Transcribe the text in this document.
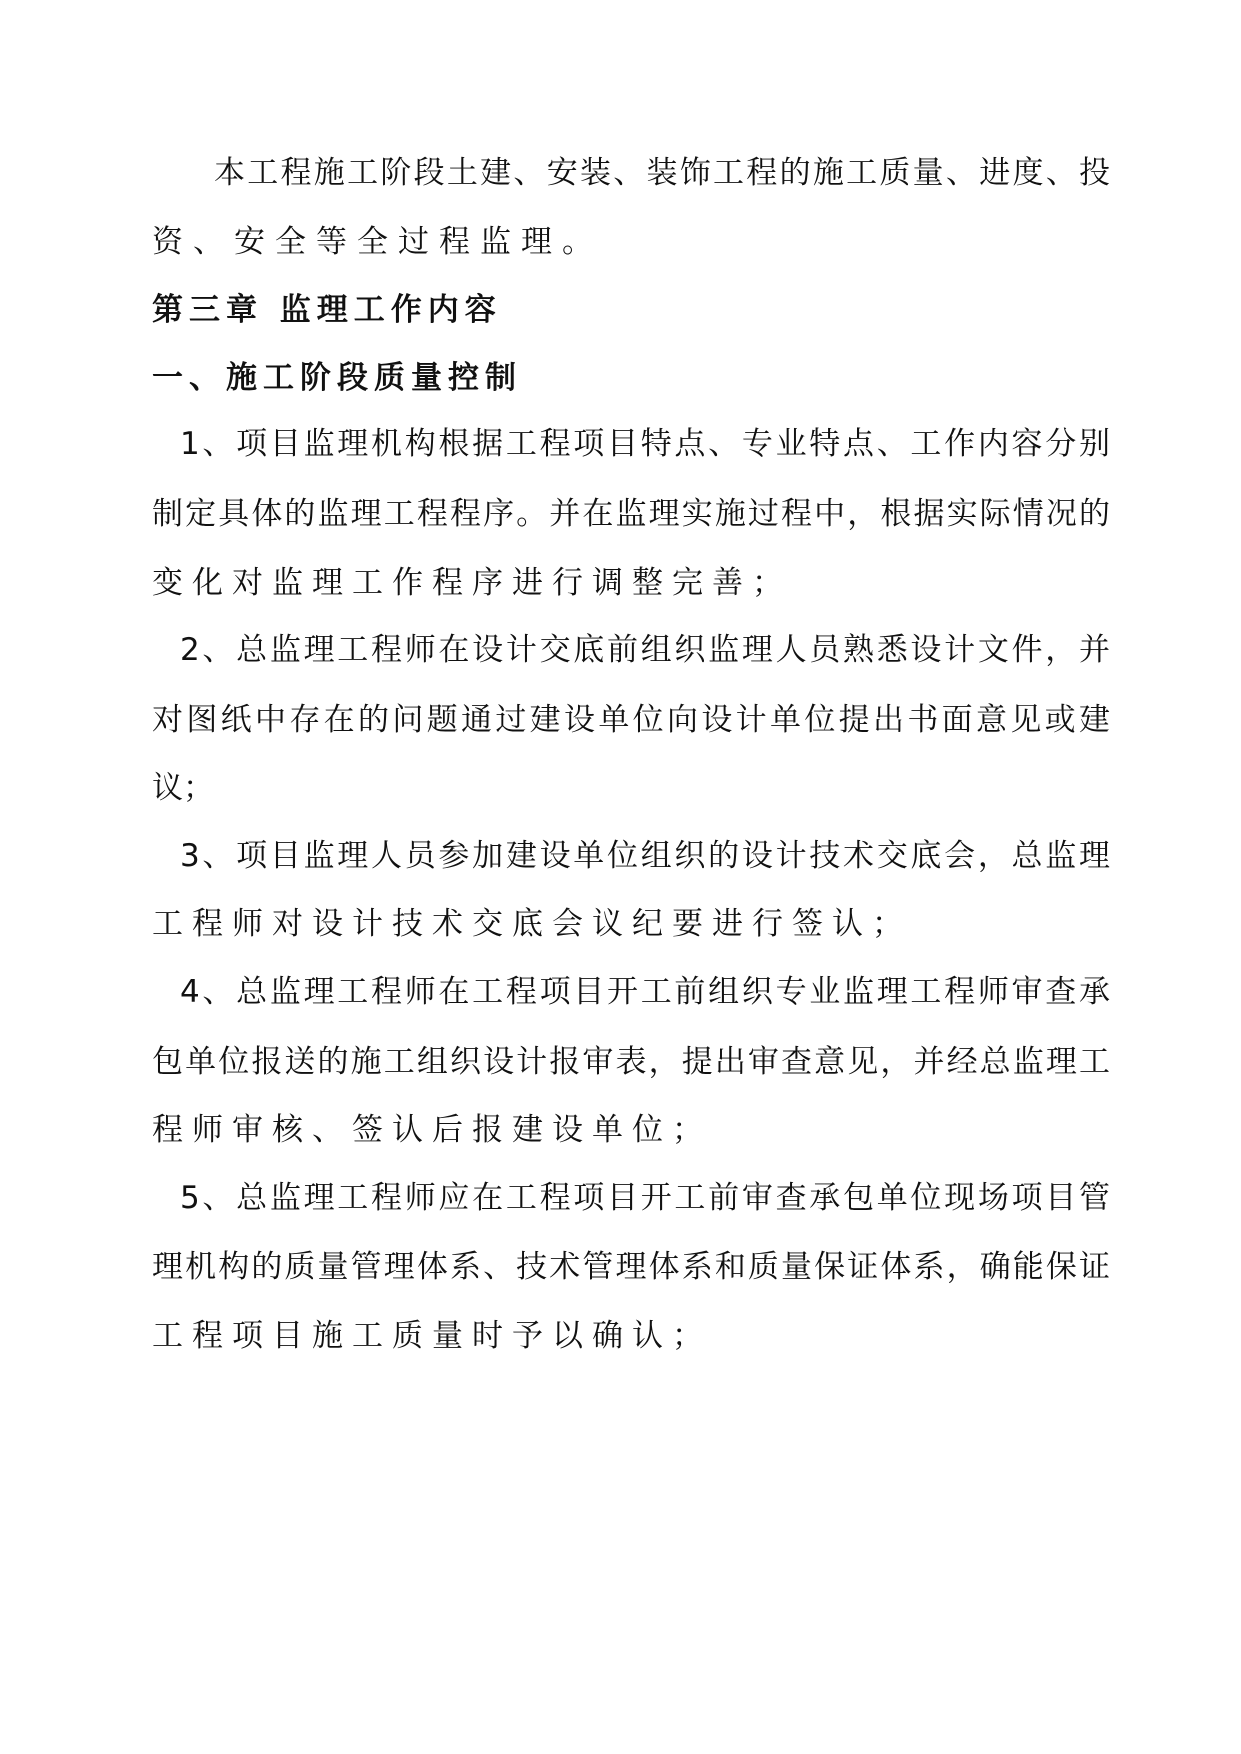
本工程施工阶段土建、安装、装饰工程的施工质量、进度、投
资、安全等全过程监理。
第三章 监理工作内容
一、施工阶段质量控制
1、项目监理机构根据工程项目特点、专业特点、工作内容分别
制定具体的监理工程程序。并在监理实施过程中，根据实际情况的
变化对监理工作程序进行调整完善；
2、总监理工程师在设计交底前组织监理人员熟悉设计文件，并
对图纸中存在的问题通过建设单位向设计单位提出书面意见或建
议；
3、项目监理人员参加建设单位组织的设计技术交底会，总监理
工程师对设计技术交底会议纪要进行签认；
4、总监理工程师在工程项目开工前组织专业监理工程师审查承
包单位报送的施工组织设计报审表，提出审查意见，并经总监理工
程师审核、签认后报建设单位；
5、总监理工程师应在工程项目开工前审查承包单位现场项目管
理机构的质量管理体系、技术管理体系和质量保证体系，确能保证
工程项目施工质量时予以确认；
